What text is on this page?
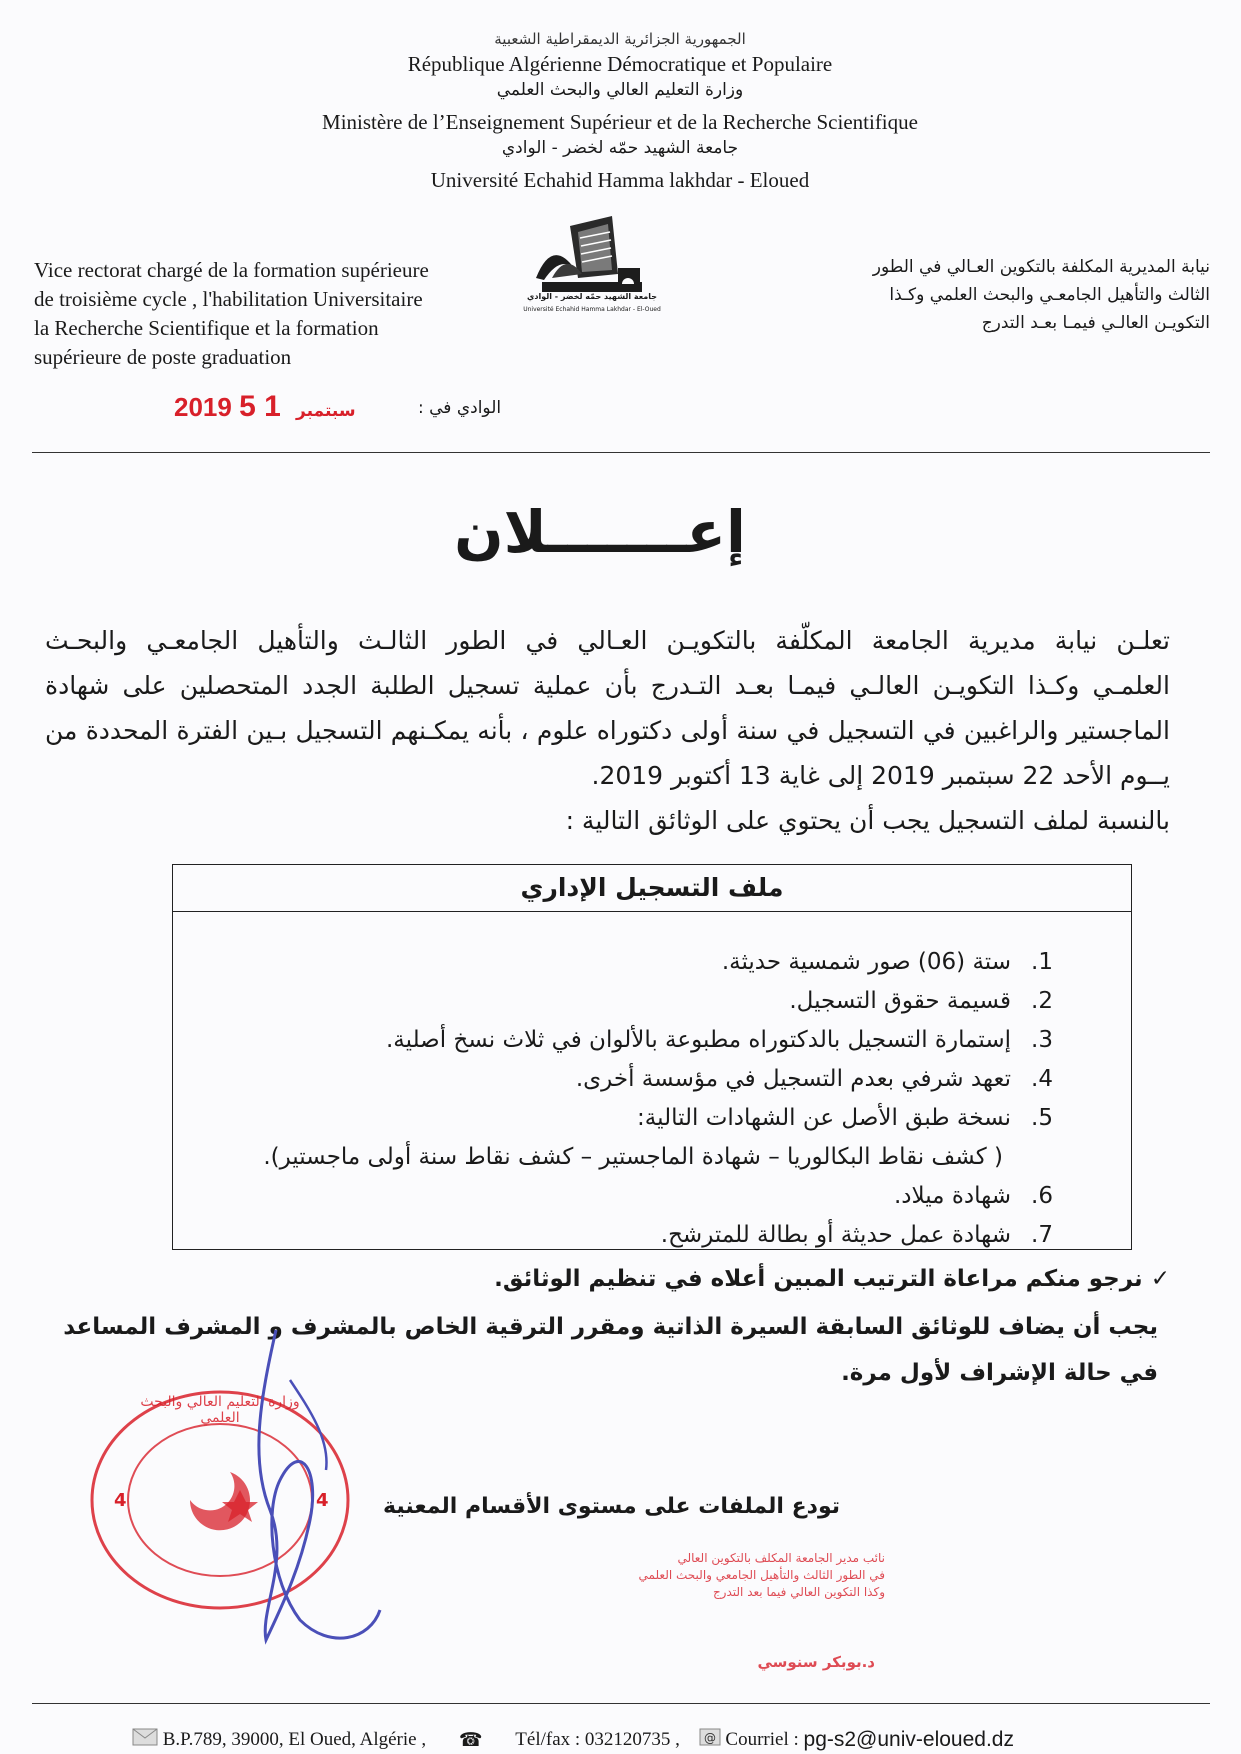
الجمهورية الجزائرية الديمقراطية الشعبية
République Algérienne Démocratique et Populaire
وزارة التعليم العالي والبحث العلمي
Ministère de l’Enseignement Supérieur et de la Recherche Scientifique
جامعة الشهيد حمّه لخضر - الوادي
Université Echahid Hamma lakhdar - Eloued
Vice rectorat chargé de la formation supérieure
de troisième cycle , l'habilitation Universitaire
la Recherche Scientifique et la formation
supérieure de poste graduation
جامعة الشهيد حمّه لخضر - الوادي
Université Echahid Hamma Lakhdar - El-Oued
نيابة المديرية المكلفة بالتكوين العـالي في الطور
الثالث والتأهيل الجامعـي والبحث العلمي وكـذا
التكويـن العالـي فيمـا بعـد التدرج
2019	سبتمبر 1 5	الوادي في :
إعـــــــلان
تعلـن نيابة مديرية الجامعة المكلّفة بالتكويـن العـالي في الطور الثالـث والتأهيل الجامعـي والبحـث
العلمـي وكـذا التكويـن العالـي فيمـا بعـد التـدرج بأن عملية تسجيل الطلبة الجدد المتحصلين على شهادة
الماجستير والراغبين في التسجيل في سنة أولى دكتوراه علوم ، بأنه يمكـنهم التسجيل بـين الفترة المحددة من
يــوم الأحد 22 سبتمبر 2019 إلى غاية 13 أكتوبر 2019.
بالنسبة لملف التسجيل يجب أن يحتوي على الوثائق التالية :
ملف التسجيل الإداري
1.ستة (06) صور شمسية حديثة.
2.قسيمة حقوق التسجيل.
3.إستمارة التسجيل بالدكتوراه مطبوعة بالألوان في ثلاث نسخ أصلية.
4.تعهد شرفي بعدم التسجيل في مؤسسة أخرى.
5.نسخة طبق الأصل عن الشهادات التالية:
( كشف نقاط البكالوريا – شهادة الماجستير – كشف نقاط سنة أولى ماجستير).
6.شهادة ميلاد.
7.شهادة عمل حديثة أو بطالة للمترشح.
✓ نرجو منكم مراعاة الترتيب المبين أعلاه في تنظيم الوثائق.
يجب أن يضاف للوثائق السابقة السيرة الذاتية ومقرر الترقية الخاص بالمشرف و المشرف المساعد
في حالة الإشراف لأول مرة.
4	4
وزارة التعليم العالي والبحث العلمي
تودع الملفات على مستوى الأقسام المعنية
نائب مدير الجامعة المكلف بالتكوين العالي
في الطور الثالث والتأهيل الجامعي والبحث العلمي
وكذا التكوين العالي فيما بعد التدرج
د.بوبكر سنوسي
B.P.789, 39000, El Oued, Algérie , ☎ Tél/fax : 032120735 , @ Courriel : pg-s2@univ-eloued.dz
